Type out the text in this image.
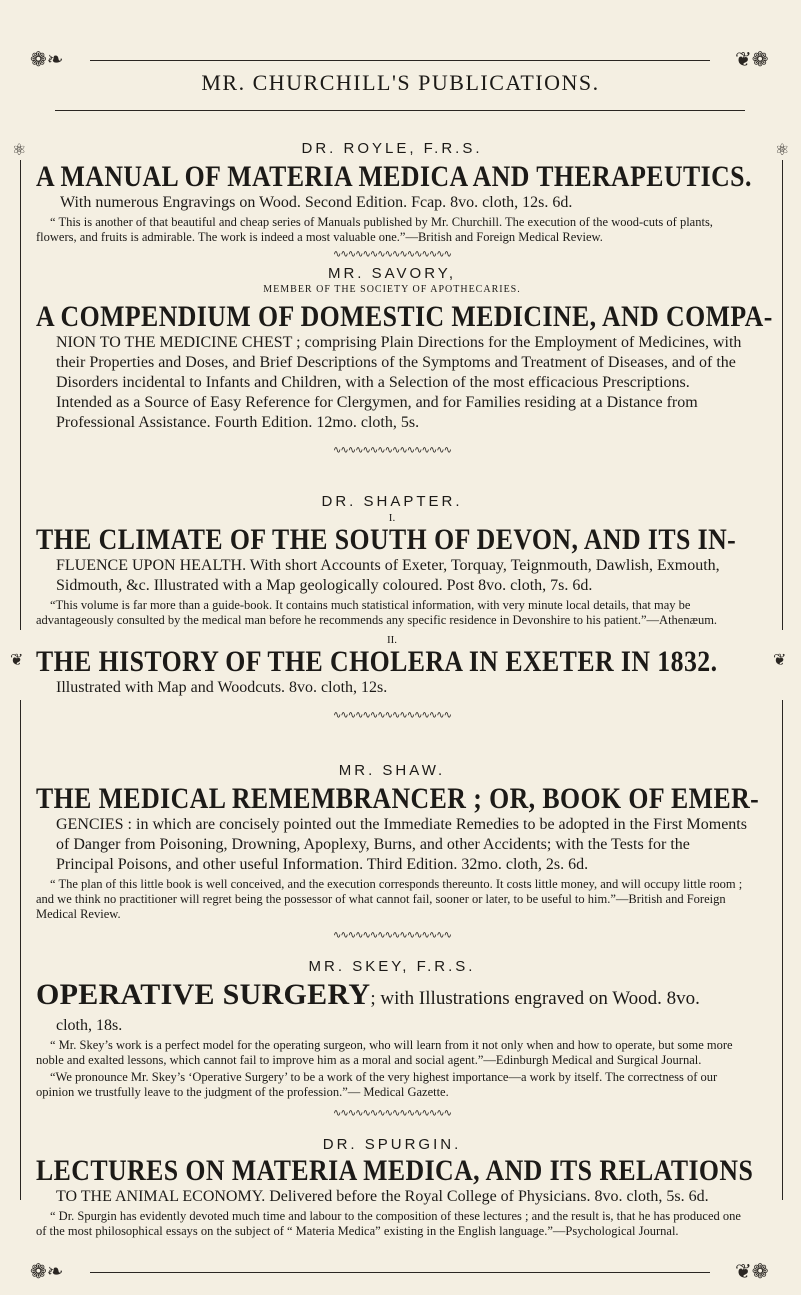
❁❧	❦❁
MR. CHURCHILL'S PUBLICATIONS.
⚛
❦
⚛
❦

DR. ROYLE, F.R.S.

A MANUAL OF MATERIA MEDICA AND THERAPEUTICS.

With numerous Engravings on Wood. Second Edition. Fcap. 8vo. cloth, 12s. 6d.

“ This is another of that beautiful and cheap series of Manuals published by Mr. Churchill. The execution of the wood-cuts of plants, flowers, and fruits is admirable. The work is indeed a most valuable one.”—British and Foreign Medical Review.

∿∿∿∿∿∿∿∿∿∿∿∿∿∿∿∿

MR. SAVORY,

MEMBER OF THE SOCIETY OF APOTHECARIES.

A COMPENDIUM OF DOMESTIC MEDICINE, AND COMPA-

NION TO THE MEDICINE CHEST ; comprising Plain Directions for the Employment of Medicines, with their Properties and Doses, and Brief Descriptions of the Symptoms and Treatment of Diseases, and of the Disorders incidental to Infants and Children, with a Selection of the most efficacious Prescriptions. Intended as a Source of Easy Reference for Clergymen, and for Families residing at a Distance from Professional Assistance. Fourth Edition. 12mo. cloth, 5s.

∿∿∿∿∿∿∿∿∿∿∿∿∿∿∿∿

DR. SHAPTER.

I.

THE CLIMATE OF THE SOUTH OF DEVON, AND ITS IN-

FLUENCE UPON HEALTH. With short Accounts of Exeter, Torquay, Teignmouth, Dawlish, Exmouth, Sidmouth, &c. Illustrated with a Map geologically coloured. Post 8vo. cloth, 7s. 6d.

“This volume is far more than a guide-book. It contains much statistical information, with very minute local details, that may be advantageously consulted by the medical man before he recommends any specific residence in Devonshire to his patient.”—Athenæum.

II.

THE HISTORY OF THE CHOLERA IN EXETER IN 1832.

Illustrated with Map and Woodcuts. 8vo. cloth, 12s.

∿∿∿∿∿∿∿∿∿∿∿∿∿∿∿∿

MR. SHAW.

THE MEDICAL REMEMBRANCER ; OR, BOOK OF EMER-

GENCIES : in which are concisely pointed out the Immediate Remedies to be adopted in the First Moments of Danger from Poisoning, Drowning, Apoplexy, Burns, and other Accidents; with the Tests for the Principal Poisons, and other useful Information. Third Edition. 32mo. cloth, 2s. 6d.

“ The plan of this little book is well conceived, and the execution corresponds thereunto. It costs little money, and will occupy little room ; and we think no practitioner will regret being the possessor of what cannot fail, sooner or later, to be useful to him.”—British and Foreign Medical Review.

∿∿∿∿∿∿∿∿∿∿∿∿∿∿∿∿

MR. SKEY, F.R.S.

OPERATIVE SURGERY; with Illustrations engraved on Wood. 8vo.

cloth, 18s.

“ Mr. Skey’s work is a perfect model for the operating surgeon, who will learn from it not only when and how to operate, but some more noble and exalted lessons, which cannot fail to improve him as a moral and social agent.”—Edinburgh Medical and Surgical Journal.

“We pronounce Mr. Skey’s ‘Operative Surgery’ to be a work of the very highest importance—a work by itself. The correctness of our opinion we trustfully leave to the judgment of the profession.”— Medical Gazette.

∿∿∿∿∿∿∿∿∿∿∿∿∿∿∿∿

DR. SPURGIN.

LECTURES ON MATERIA MEDICA, AND ITS RELATIONS

TO THE ANIMAL ECONOMY. Delivered before the Royal College of Physicians. 8vo. cloth, 5s. 6d.

“ Dr. Spurgin has evidently devoted much time and labour to the composition of these lectures ; and the result is, that he has produced one of the most philosophical essays on the subject of “ Materia Medica” existing in the English language.”—Psychological Journal.

❁❧	❦❁
